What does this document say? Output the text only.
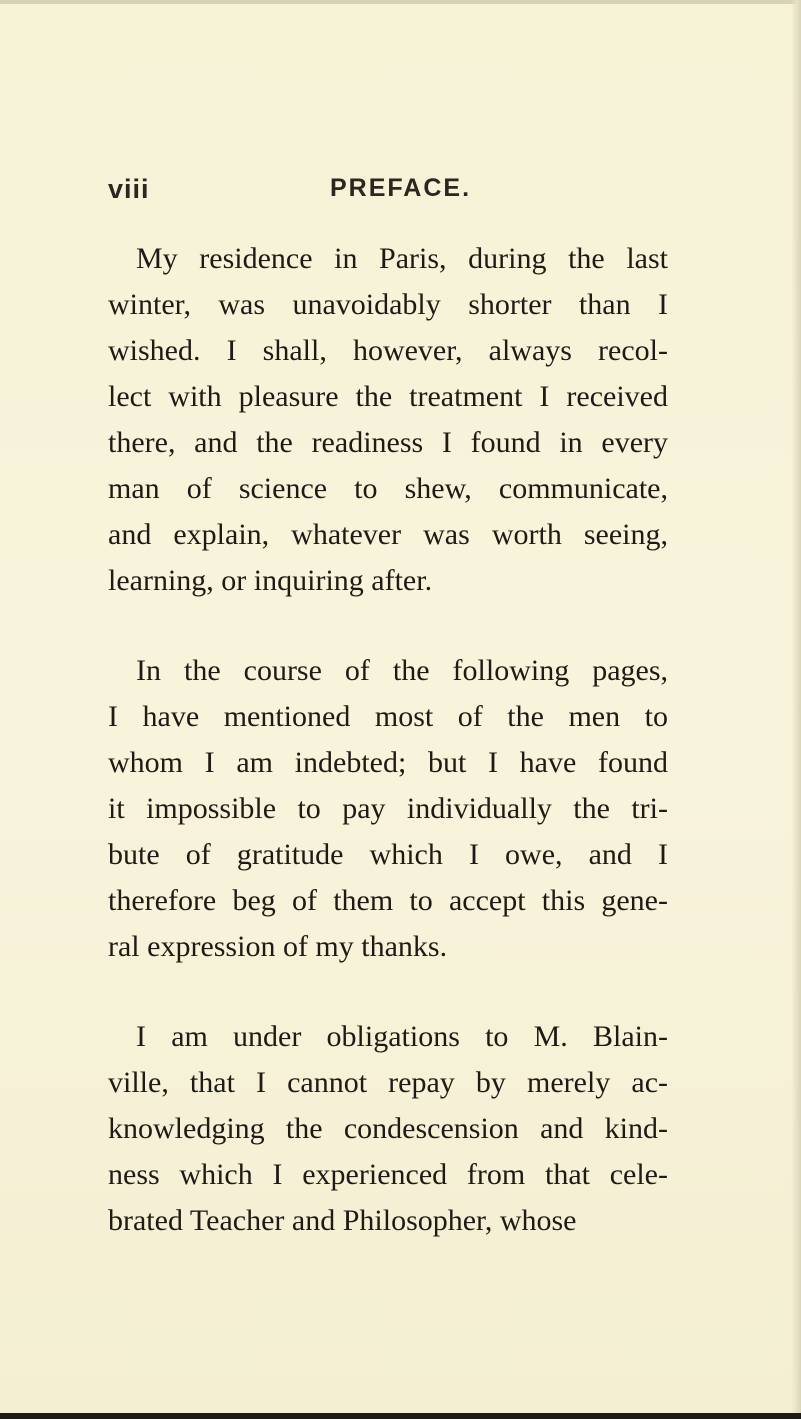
viii	PREFACE.

My residence in Paris, during the last
winter, was unavoidably shorter than I
wished. I shall, however, always recol-
lect with pleasure the treatment I received
there, and the readiness I found in every
man of science to shew, communicate,
and explain, whatever was worth seeing,
learning, or inquiring after.

In the course of the following pages,
I have mentioned most of the men to
whom I am indebted; but I have found
it impossible to pay individually the tri-
bute of gratitude which I owe, and I
therefore beg of them to accept this gene-
ral expression of my thanks.

I am under obligations to M. Blain-
ville, that I cannot repay by merely ac-
knowledging the condescension and kind-
ness which I experienced from that cele-
brated Teacher and Philosopher, whose
